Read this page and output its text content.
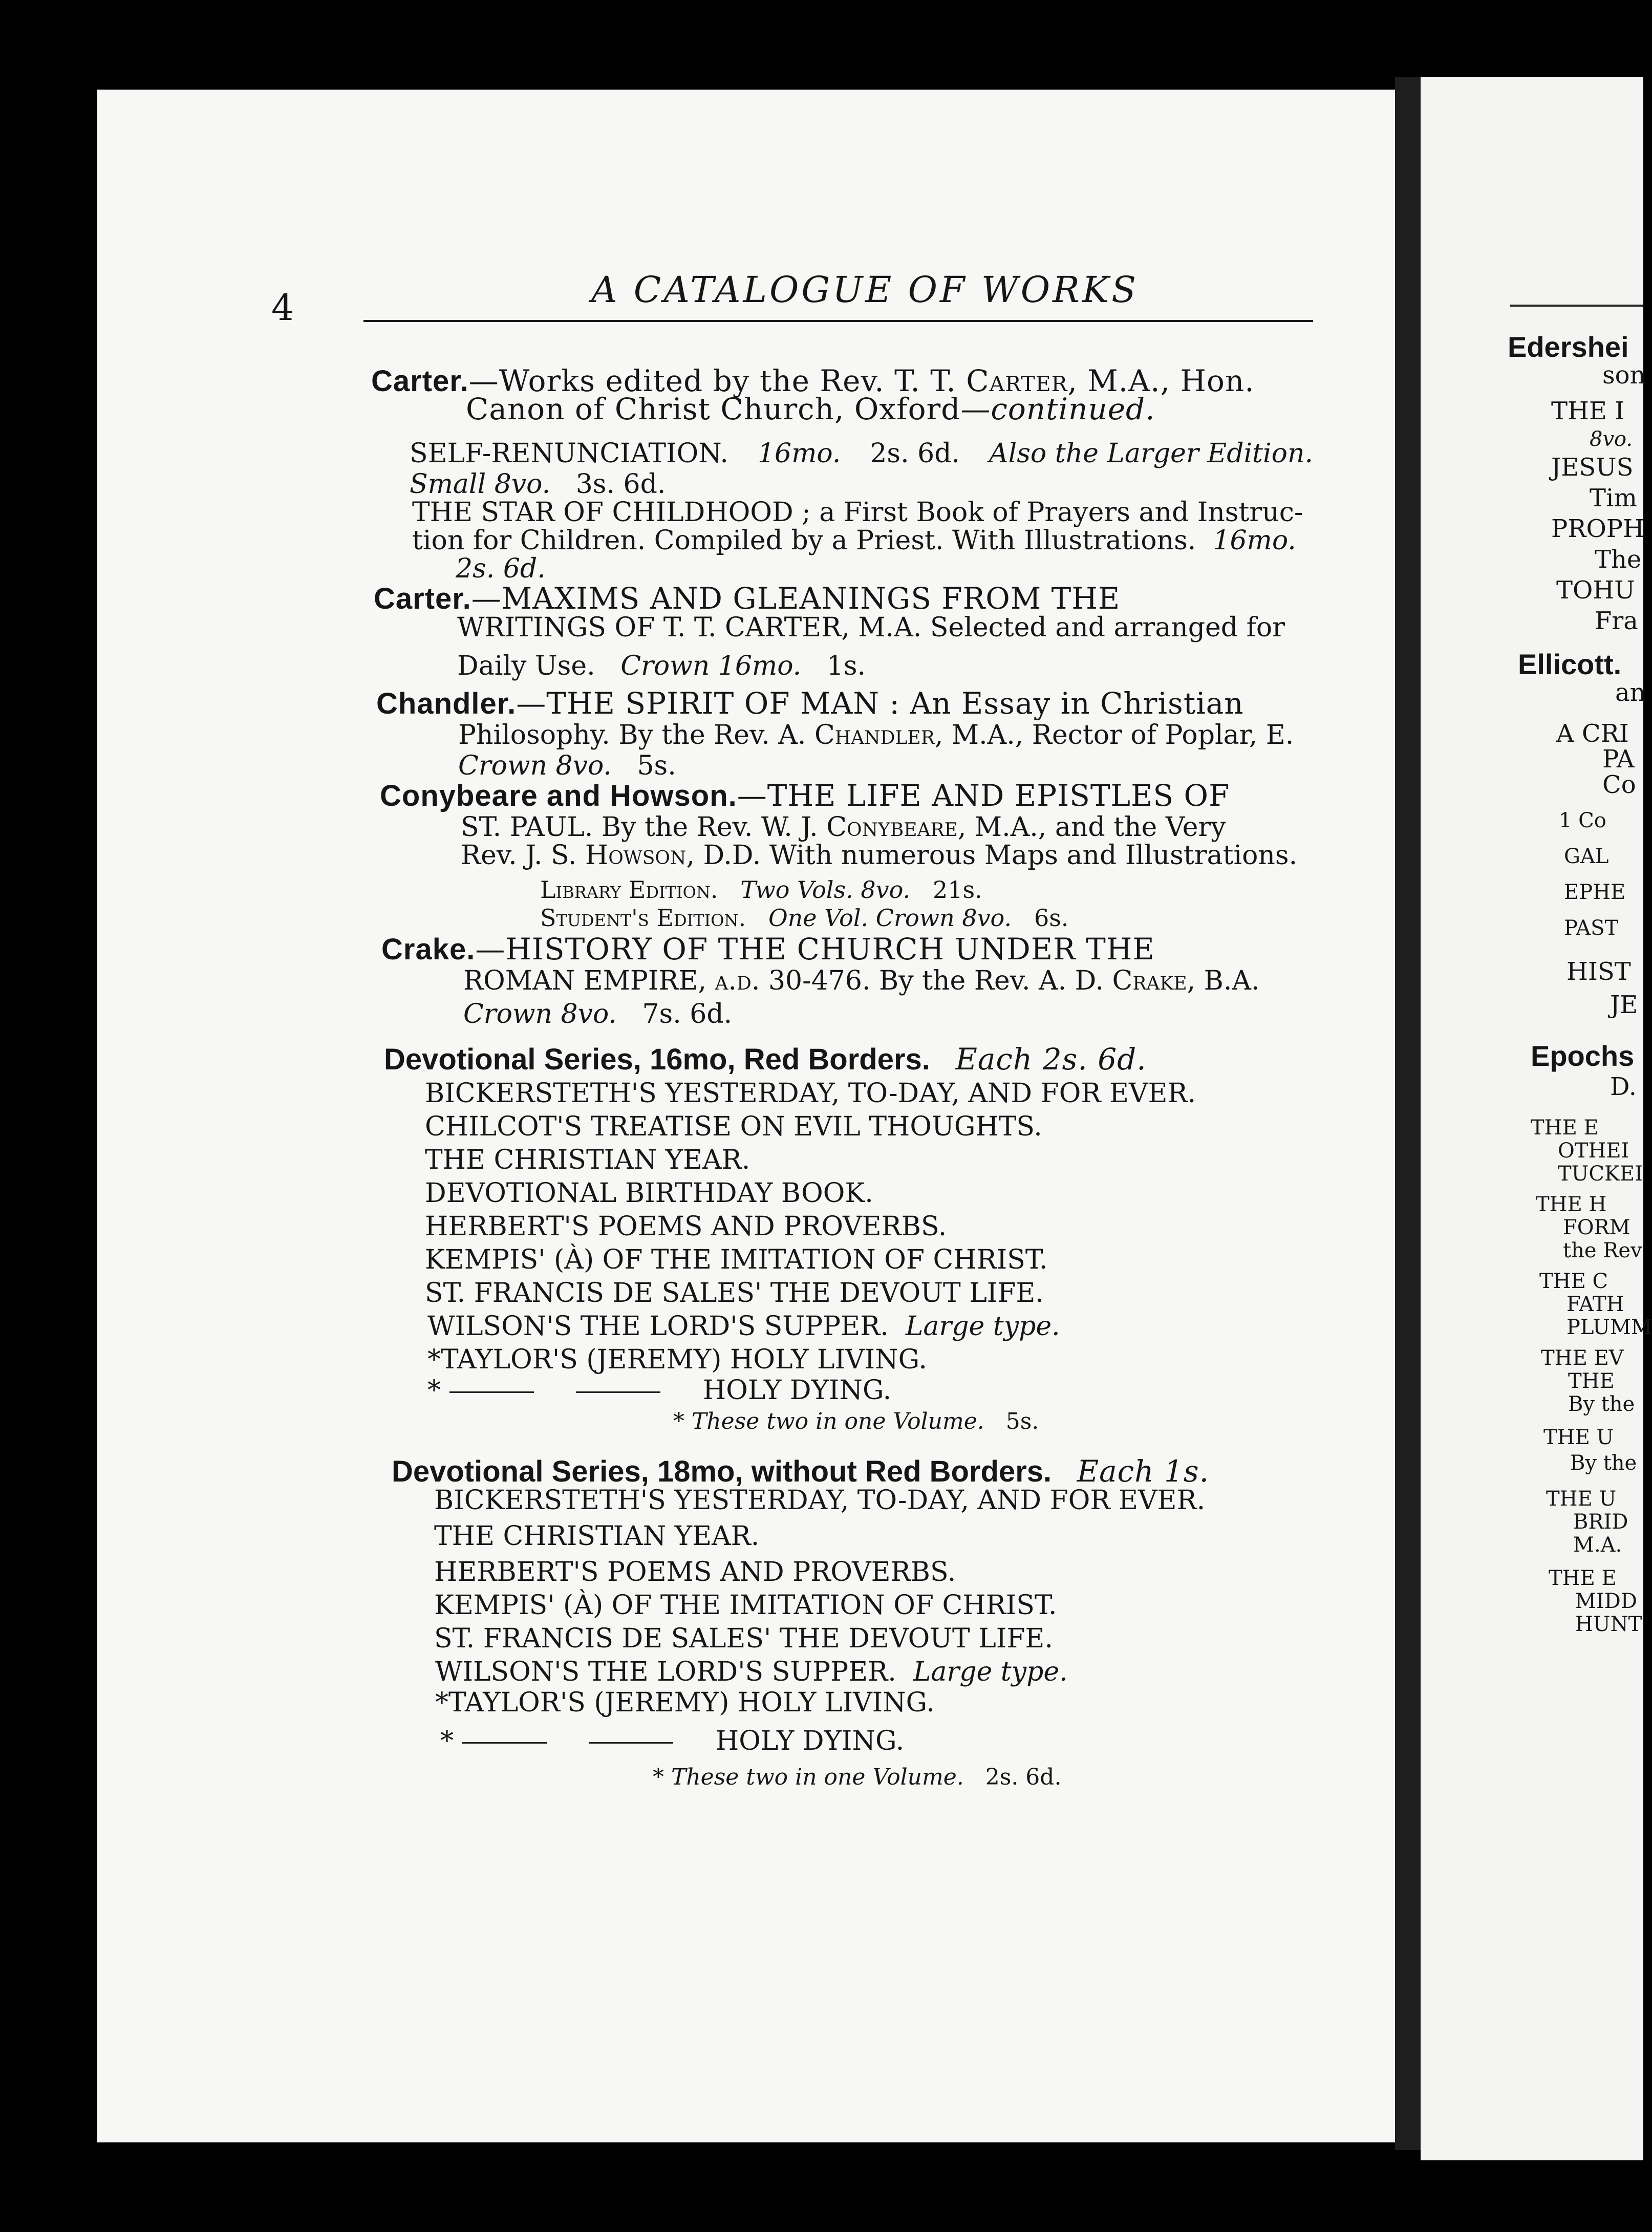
4	A CATALOGUE OF WORKS
Carter.—Works edited by the Rev. T. T. Carter, M.A., Hon.
Canon of Christ Church, Oxford—continued.
SELF-RENUNCIATION. 16mo. 2s. 6d. Also the Larger Edition.
Small 8vo. 3s. 6d.
THE STAR OF CHILDHOOD ; a First Book of Prayers and Instruc-
tion for Children. Compiled by a Priest. With Illustrations. 16mo.
2s. 6d.
Carter.—MAXIMS AND GLEANINGS FROM THE
WRITINGS OF T. T. CARTER, M.A. Selected and arranged for
Daily Use. Crown 16mo. 1s.
Chandler.—THE SPIRIT OF MAN : An Essay in Christian
Philosophy. By the Rev. A. Chandler, M.A., Rector of Poplar, E.
Crown 8vo. 5s.
Conybeare and Howson.—THE LIFE AND EPISTLES OF
ST. PAUL. By the Rev. W. J. Conybeare, M.A., and the Very
Rev. J. S. Howson, D.D. With numerous Maps and Illustrations.
Library Edition. Two Vols. 8vo. 21s.
Student's Edition. One Vol. Crown 8vo. 6s.
Crake.—HISTORY OF THE CHURCH UNDER THE
ROMAN EMPIRE, a.d. 30-476. By the Rev. A. D. Crake, B.A.
Crown 8vo. 7s. 6d.
Devotional Series, 16mo, Red Borders. Each 2s. 6d.
BICKERSTETH'S YESTERDAY, TO-DAY, AND FOR EVER.
CHILCOT'S TREATISE ON EVIL THOUGHTS.
THE CHRISTIAN YEAR.
DEVOTIONAL BIRTHDAY BOOK.
HERBERT'S POEMS AND PROVERBS.
KEMPIS' (À) OF THE IMITATION OF CHRIST.
ST. FRANCIS DE SALES' THE DEVOUT LIFE.
WILSON'S THE LORD'S SUPPER. Large type.
*TAYLOR'S (JEREMY) HOLY LIVING.
*	HOLY DYING.
* These two in one Volume. 5s.
Devotional Series, 18mo, without Red Borders. Each 1s.
BICKERSTETH'S YESTERDAY, TO-DAY, AND FOR EVER.
THE CHRISTIAN YEAR.
HERBERT'S POEMS AND PROVERBS.
KEMPIS' (À) OF THE IMITATION OF CHRIST.
ST. FRANCIS DE SALES' THE DEVOUT LIFE.
WILSON'S THE LORD'S SUPPER. Large type.
*TAYLOR'S (JEREMY) HOLY LIVING.
*	HOLY DYING.
* These two in one Volume. 2s. 6d.
Edershei
son
THE I
8vo.
JESUS
Tim
PROPH
The
TOHU
Fra
Ellicott.
an
A CRI
PA
Co
1 Co
GAL
EPHE
PAST
HIST
JE
Epochs
D.
THE E
OTHEI
TUCKEI
THE H
FORM
the Rev
THE C
FATH
PLUMM
THE EV
THE
By the
THE U
By the
THE U
BRID
M.A.
THE E
MIDD
HUNT
